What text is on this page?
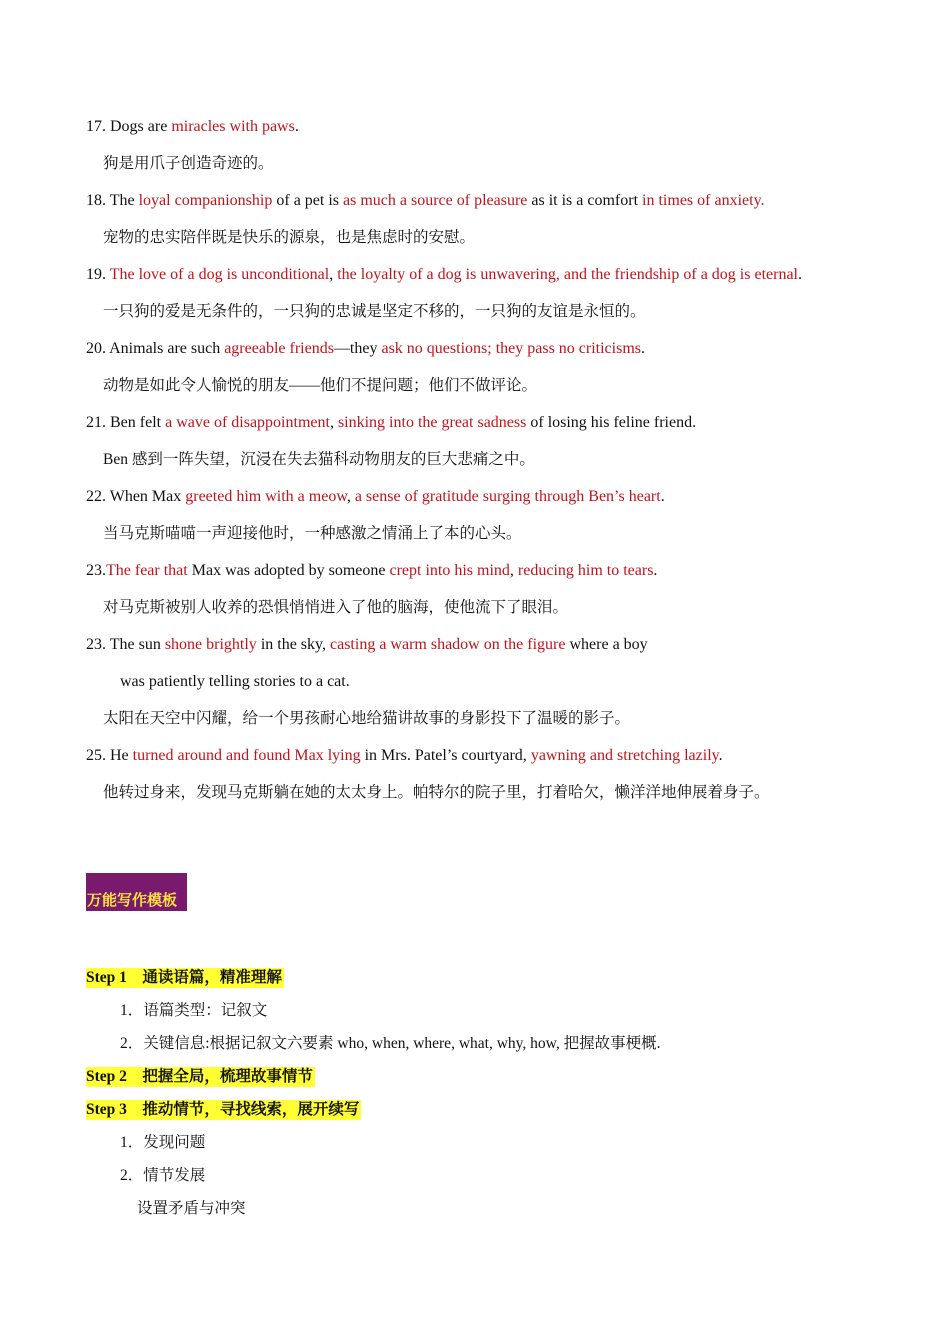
17. Dogs are miracles with paws.
狗是用爪子创造奇迹的。
18. The loyal companionship of a pet is as much a source of pleasure as it is a comfort in times of anxiety.
宠物的忠实陪伴既是快乐的源泉，也是焦虑时的安慰。
19. The love of a dog is unconditional, the loyalty of a dog is unwavering, and the friendship of a dog is eternal.
一只狗的爱是无条件的，一只狗的忠诚是坚定不移的，一只狗的友谊是永恒的。
20. Animals are such agreeable friends—they ask no questions; they pass no criticisms.
动物是如此令人愉悦的朋友——他们不提问题；他们不做评论。
21. Ben felt a wave of disappointment, sinking into the great sadness of losing his feline friend.
Ben 感到一阵失望，沉浸在失去猫科动物朋友的巨大悲痛之中。
22. When Max greeted him with a meow, a sense of gratitude surging through Ben’s heart.
当马克斯喵喵一声迎接他时，一种感激之情涌上了本的心头。
23.The fear that Max was adopted by someone crept into his mind, reducing him to tears.
对马克斯被别人收养的恐惧悄悄进入了他的脑海，使他流下了眼泪。
23. The sun shone brightly in the sky, casting a warm shadow on the figure where a boy
was patiently telling stories to a cat.
太阳在天空中闪耀，给一个男孩耐心地给猫讲故事的身影投下了温暖的影子。
25. He turned around and found Max lying in Mrs. Patel’s courtyard, yawning and stretching lazily.
他转过身来，发现马克斯躺在她的太太身上。帕特尔的院子里，打着哈欠，懒洋洋地伸展着身子。
万能写作模板
Step 1　通读语篇，精准理解
1．语篇类型：记叙文
2．关键信息:根据记叙文六要素 who, when, where, what, why, how, 把握故事梗概.
Step 2　把握全局，梳理故事情节
Step 3　推动情节，寻找线索，展开续写
1．发现问题
2．情节发展
设置矛盾与冲突
